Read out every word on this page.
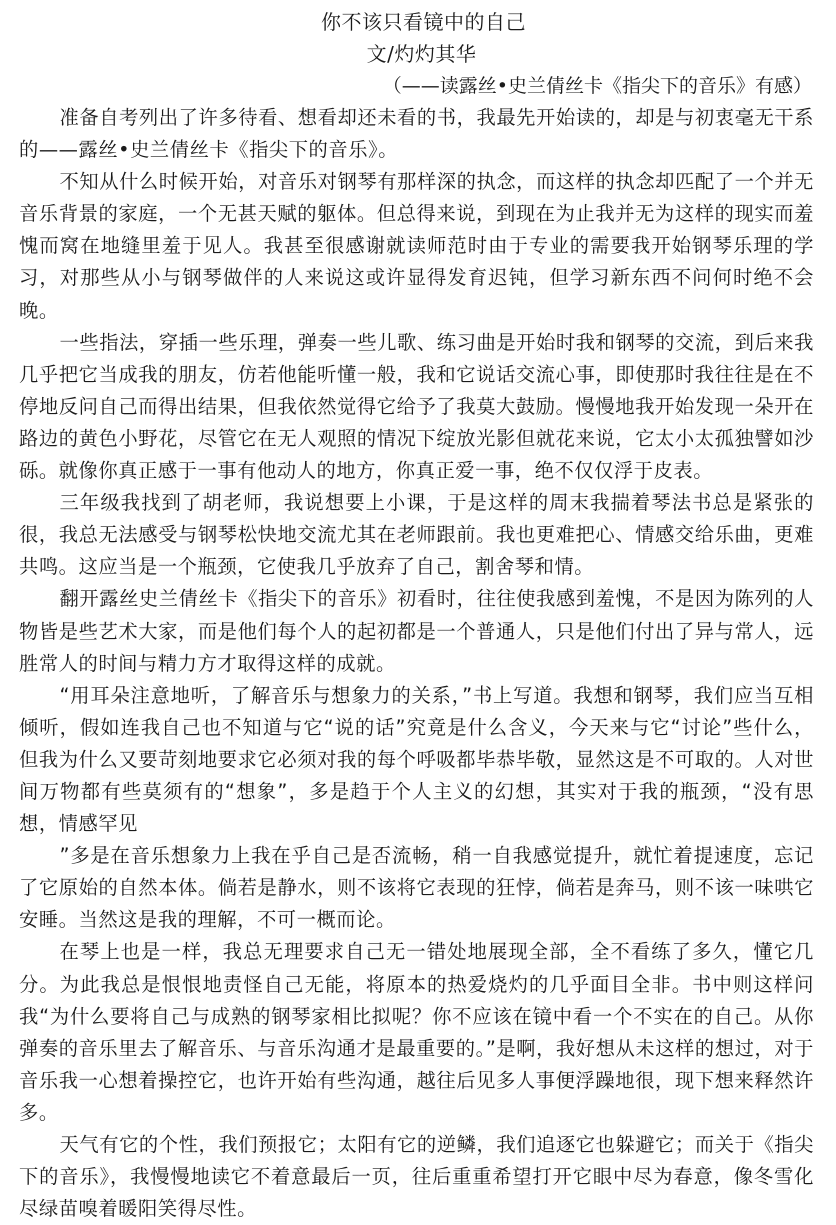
你不该只看镜中的自己

文/灼灼其华

（——读露丝•史兰倩丝卡《指尖下的音乐》有感）

准备自考列出了许多待看、想看却还未看的书，我最先开始读的，却是与初衷毫无干系的——露丝•史兰倩丝卡《指尖下的音乐》。

不知从什么时候开始，对音乐对钢琴有那样深的执念，而这样的执念却匹配了一个并无音乐背景的家庭，一个无甚天赋的躯体。但总得来说，到现在为止我并无为这样的现实而羞愧而窝在地缝里羞于见人。我甚至很感谢就读师范时由于专业的需要我开始钢琴乐理的学习，对那些从小与钢琴做伴的人来说这或许显得发育迟钝，但学习新东西不问何时绝不会晚。

一些指法，穿插一些乐理，弹奏一些儿歌、练习曲是开始时我和钢琴的交流，到后来我几乎把它当成我的朋友，仿若他能听懂一般，我和它说话交流心事，即使那时我往往是在不停地反问自己而得出结果，但我依然觉得它给予了我莫大鼓励。慢慢地我开始发现一朵开在路边的黄色小野花，尽管它在无人观照的情况下绽放光影但就花来说，它太小太孤独譬如沙砾。就像你真正感于一事有他动人的地方，你真正爱一事，绝不仅仅浮于皮表。

三年级我找到了胡老师，我说想要上小课，于是这样的周末我揣着琴法书总是紧张的很，我总无法感受与钢琴松快地交流尤其在老师跟前。我也更难把心、情感交给乐曲，更难共鸣。这应当是一个瓶颈，它使我几乎放弃了自己，割舍琴和情。

翻开露丝史兰倩丝卡《指尖下的音乐》初看时，往往使我感到羞愧，不是因为陈列的人物皆是些艺术大家，而是他们每个人的起初都是一个普通人，只是他们付出了异与常人，远胜常人的时间与精力方才取得这样的成就。

“用耳朵注意地听，了解音乐与想象力的关系，”书上写道。我想和钢琴，我们应当互相倾听，假如连我自己也不知道与它“说的话”究竟是什么含义，今天来与它“讨论”些什么，但我为什么又要苛刻地要求它必须对我的每个呼吸都毕恭毕敬，显然这是不可取的。人对世间万物都有些莫须有的“想象”，多是趋于个人主义的幻想，其实对于我的瓶颈，“没有思想，情感罕见

”多是在音乐想象力上我在乎自己是否流畅，稍一自我感觉提升，就忙着提速度，忘记了它原始的自然本体。倘若是静水，则不该将它表现的狂悖，倘若是奔马，则不该一味哄它安睡。当然这是我的理解，不可一概而论。

在琴上也是一样，我总无理要求自己无一错处地展现全部，全不看练了多久，懂它几分。为此我总是恨恨地责怪自己无能，将原本的热爱烧灼的几乎面目全非。书中则这样问我“为什么要将自己与成熟的钢琴家相比拟呢？你不应该在镜中看一个不实在的自己。从你弹奏的音乐里去了解音乐、与音乐沟通才是最重要的。”是啊，我好想从未这样的想过，对于音乐我一心想着操控它，也许开始有些沟通，越往后见多人事便浮躁地很，现下想来释然许多。

天气有它的个性，我们预报它；太阳有它的逆鳞，我们追逐它也躲避它；而关于《指尖下的音乐》，我慢慢地读它不着意最后一页，往后重重希望打开它眼中尽为春意，像冬雪化尽绿苗嗅着暖阳笑得尽性。
